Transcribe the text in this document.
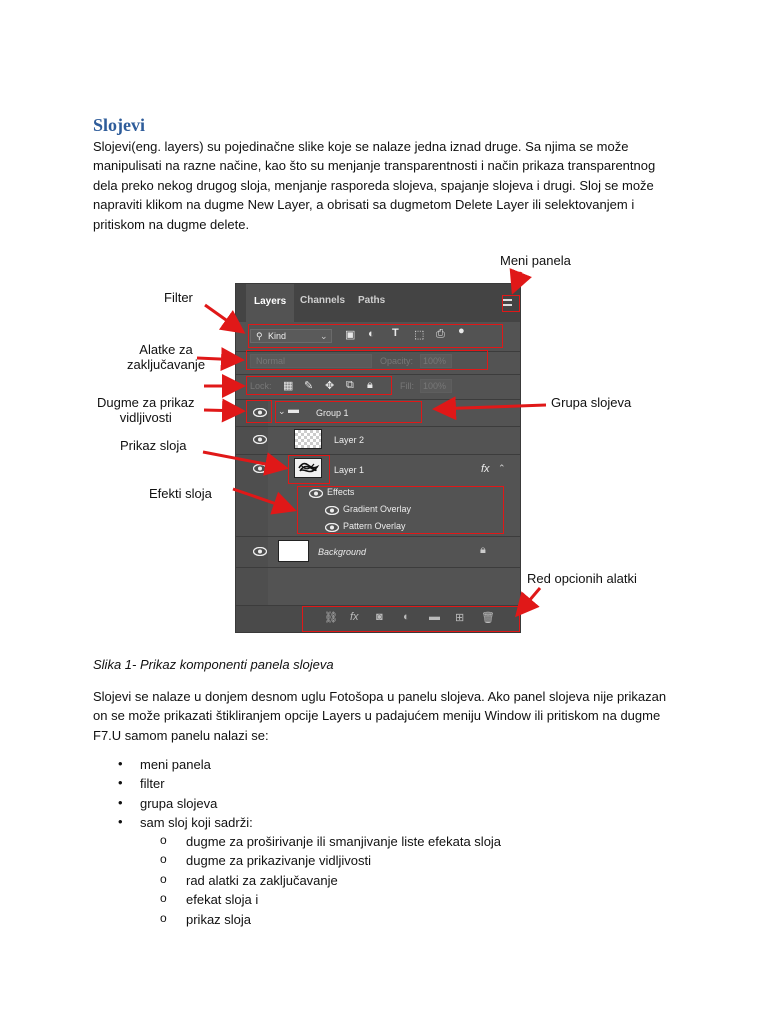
Slojevi
Slojevi(eng. layers) su pojedinačne slike koje se nalaze jedna iznad druge. Sa njima se može
manipulisati na razne načine, kao što su menjanje transparentnosti i način prikaza transparentnog
dela preko nekog drugog sloja, menjanje rasporeda slojeva, spajanje slojeva i drugi. Sloj se može
napraviti klikom na dugme New Layer, a obrisati sa dugmetom Delete Layer ili selektovanjem i
pritiskom na dugme delete.
Layers	Channels Paths
⚲ Kind	⌄ ▣ ◐ T ⬚ ⎙ ●
Normal	Opacity: 100%
Lock: ▦ ✎ ✥ ⧉ 🔒︎	Fill: 100%
⌄ ▬ Group 1
Layer 2
Layer 1	fx ⌃
Effects
Gradient Overlay
Pattern Overlay
Background	🔒︎
⛓ fx ◙ ◐ ▬ ⊞ 🗑︎
Filter
Alatke za
zaključavanje
Dugme za prikaz
vidljivosti
Prikaz sloja
Efekti sloja
Meni panela
Grupa slojeva
Red opcionih alatki
Slika 1- Prikaz komponenti panela slojeva
Slojevi se nalaze u donjem desnom uglu Fotošopa u panelu slojeva. Ako panel slojeva nije prikazan
on se može prikazati štikliranjem opcije Layers u padajućem meniju Window ili pritiskom na dugme
F7.U samom panelu nalazi se:
• meni panela
• filter
• grupa slojeva
• sam sloj koji sadrži:
o dugme za proširivanje ili smanjivanje liste efekata sloja
o dugme za prikazivanje vidljivosti
o rad alatki za zaključavanje
o efekat sloja i
o prikaz sloja
